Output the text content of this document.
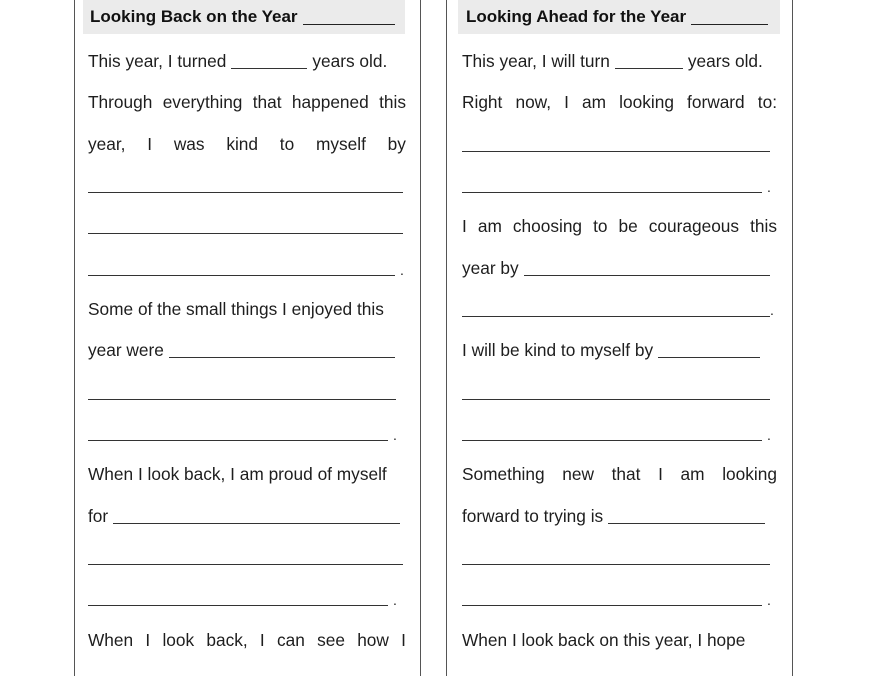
Looking Back on the Year
This year, I turned	years old.
Through everything that happened this
year, I was kind to myself by
.
Some of the small things I enjoyed this
year were
.
When I look back, I am proud of myself
for
.
When I look back, I can see how I
Looking Ahead for the Year
This year, I will turn	years old.
Right now, I am looking forward to:
.
I am choosing to be courageous this
year by
.
I will be kind to myself by
.
Something new that I am looking
forward to trying is
.
When I look back on this year, I hope
